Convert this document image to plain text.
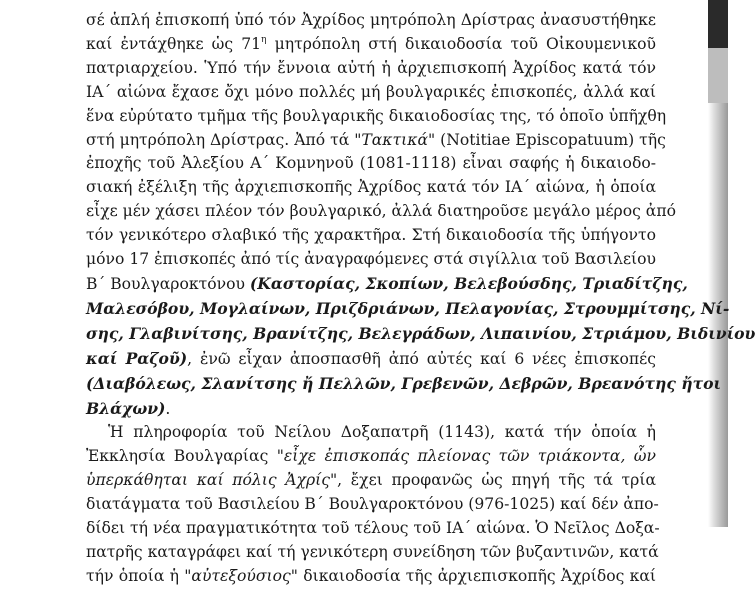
σέ ἁπλή ἐπισκοπή ὑπό τόν Ἀχρίδος μητρόπολη Δρίστρας ἀνασυστήθηκε
καί ἐντάχθηκε ὡς $71^\eta$ μητρόπολη στή δικαιοδοσία τοῦ Οἰκουμενικοῦ
πατριαρχείου. Ὑπό τήν ἔννοια αὐτή ἡ ἀρχιεπισκοπή Ἀχρίδος κατά τόν
ΙΑ΄ αἰώνα ἔχασε ὄχι μόνο πολλές μή βουλγαρικές ἐπισκοπές, ἀλλά καί
ἕνα εὐρύτατο τμῆμα τῆς βουλγαρικῆς δικαιοδοσίας της, τό ὁποῖο ὑπῆχθη
στή μητρόπολη Δρίστρας. Ἀπό τά "Τακτικά" (Notitiae Episcopatuum) τῆς
ἐποχῆς τοῦ Ἀλεξίου Α΄ Κομνηνοῦ (1081-1118) εἶναι σαφής ἡ δικαιοδο-
σιακή ἐξέλιξη τῆς ἀρχιεπισκοπῆς Ἀχρίδος κατά τόν ΙΑ΄ αἰώνα, ἡ ὁποία
εἶχε μέν χάσει πλέον τόν βουλγαρικό, ἀλλά διατηροῦσε μεγάλο μέρος ἀπό
τόν γενικότερο σλαβικό τῆς χαρακτῆρα. Στή δικαιοδοσία τῆς ὑπήγοντο
μόνο 17 ἐπισκοπές ἀπό τίς ἀναγραφόμενες στά σιγίλλια τοῦ Βασιλείου
Β΄ Βουλγαροκτόνου (Καστορίας, Σκοπίων, Βελεβούσδης, Τριαδίτζης,
Μαλεσόβου, Μογλαίνων, Πριζδριάνων, Πελαγονίας, Στρουμμίτσης, Νί-
σης, Γλαβινίτσης, Βρανίτζης, Βελεγράδων, Λιπαινίου, Στριάμου, Βιδινίου
καί Ραζοῦ), ἐνῶ εἶχαν ἀποσπασθῆ ἀπό αὐτές καί 6 νέες ἐπισκοπές
(Διαβόλεως, Σλανίτσης ἤ Πελλῶν, Γρεβενῶν, Δεβρῶν, Βρεανότης ἤτοι
Βλάχων).
Ἡ πληροφορία τοῦ Νείλου Δοξαπατρῆ (1143), κατά τήν ὁποία ἡ
Ἐκκλησία Βουλγαρίας "εἶχε ἐπισκοπάς πλείονας τῶν τριάκοντα, ὧν
ὑπερκάθηται καί πόλις Ἀχρίς", ἔχει προφανῶς ὡς πηγή τῆς τά τρία
διατάγματα τοῦ Βασιλείου Β΄ Βουλγαροκτόνου (976-1025) καί δέν ἀπο-
δίδει τή νέα πραγματικότητα τοῦ τέλους τοῦ ΙΑ΄ αἰώνα. Ὁ Νεῖλος Δοξα-
πατρῆς καταγράφει καί τή γενικότερη συνείδηση τῶν βυζαντινῶν, κατά
τήν ὁποία ἡ "αὐτεξούσιος" δικαιοδοσία τῆς ἀρχιεπισκοπῆς Ἀχρίδος καί
